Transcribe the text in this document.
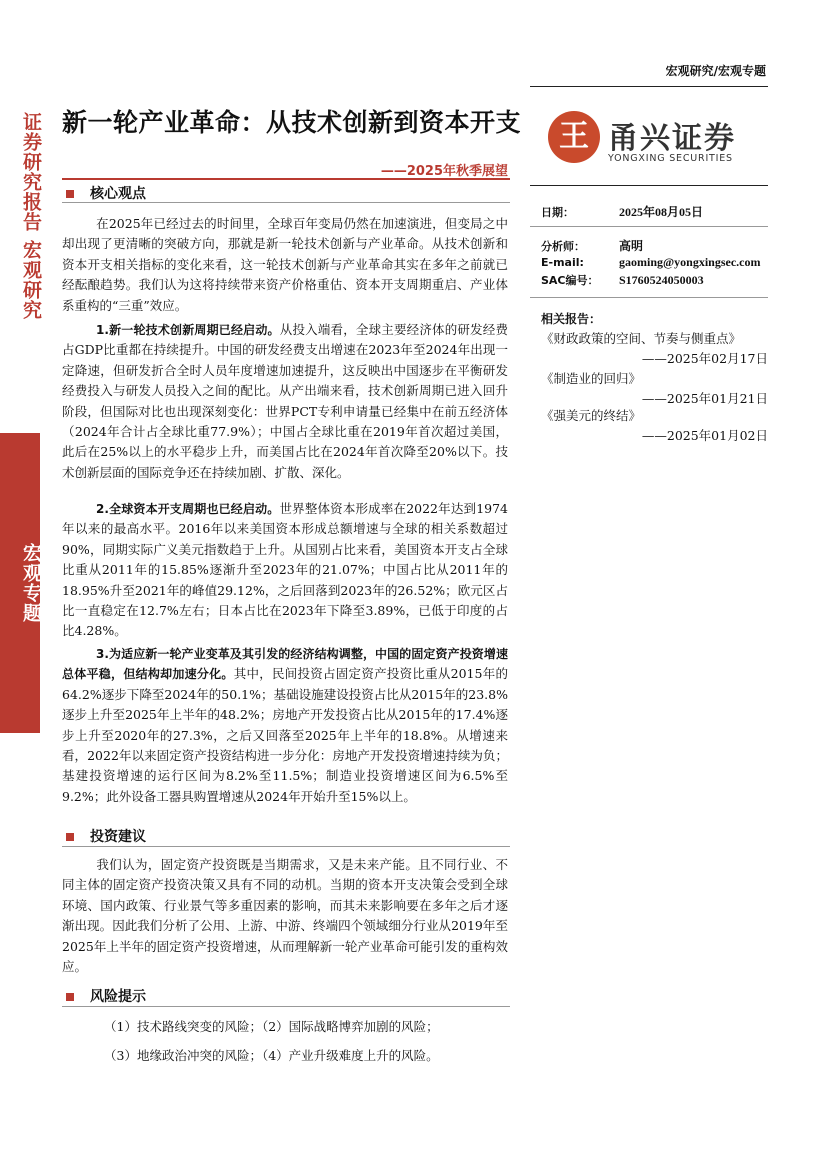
证券研究报告 宏观研究
宏观专题
宏观研究/宏观专题
新一轮产业革命：从技术创新到资本开支
——2025年秋季展望
王 甬兴证券
YONGXING SECURITIES
日期：	2025年08月05日
分析师：	高明
E-mail:	gaoming@yongxingsec.com
SAC编号： S1760524050003
相关报告：
《财政政策的空间、节奏与侧重点》
——2025年02月17日
《制造业的回归》
——2025年01月21日
《强美元的终结》
——2025年01月02日
核心观点
在2025年已经过去的时间里，全球百年变局仍然在加速演进，但变局之中却出现了更清晰的突破方向，那就是新一轮技术创新与产业革命。从技术创新和资本开支相关指标的变化来看，这一轮技术创新与产业革命其实在多年之前就已经酝酿趋势。我们认为这将持续带来资产价格重估、资本开支周期重启、产业体系重构的“三重”效应。
1.新一轮技术创新周期已经启动。从投入端看，全球主要经济体的研发经费占GDP比重都在持续提升。中国的研发经费支出增速在2023年至2024年出现一定降速，但研发折合全时人员年度增速加速提升，这反映出中国逐步在平衡研发经费投入与研发人员投入之间的配比。从产出端来看，技术创新周期已进入回升阶段，但国际对比也出现深刻变化：世界PCT专利申请量已经集中在前五经济体（2024年合计占全球比重77.9%）；中国占全球比重在2019年首次超过美国，此后在25%以上的水平稳步上升，而美国占比在2024年首次降至20%以下。技术创新层面的国际竞争还在持续加剧、扩散、深化。
2.全球资本开支周期也已经启动。世界整体资本形成率在2022年达到1974年以来的最高水平。2016年以来美国资本形成总额增速与全球的相关系数超过90%，同期实际广义美元指数趋于上升。从国别占比来看，美国资本开支占全球比重从2011年的15.85%逐渐升至2023年的21.07%；中国占比从2011年的18.95%升至2021年的峰值29.12%，之后回落到2023年的26.52%；欧元区占比一直稳定在12.7%左右；日本占比在2023年下降至3.89%，已低于印度的占比4.28%。
3.为适应新一轮产业变革及其引发的经济结构调整，中国的固定资产投资增速总体平稳，但结构却加速分化。其中，民间投资占固定资产投资比重从2015年的64.2%逐步下降至2024年的50.1%；基础设施建设投资占比从2015年的23.8%逐步上升至2025年上半年的48.2%；房地产开发投资占比从2015年的17.4%逐步上升至2020年的27.3%，之后又回落至2025年上半年的18.8%。从增速来看，2022年以来固定资产投资结构进一步分化：房地产开发投资增速持续为负；基建投资增速的运行区间为8.2%至11.5%；制造业投资增速区间为6.5%至9.2%；此外设备工器具购置增速从2024年开始升至15%以上。
投资建议
我们认为，固定资产投资既是当期需求，又是未来产能。且不同行业、不同主体的固定资产投资决策又具有不同的动机。当期的资本开支决策会受到全球环境、国内政策、行业景气等多重因素的影响，而其未来影响要在多年之后才逐渐出现。因此我们分析了公用、上游、中游、终端四个领域细分行业从2019年至2025年上半年的固定资产投资增速，从而理解新一轮产业革命可能引发的重构效应。
风险提示
（1）技术路线突变的风险；（2）国际战略博弈加剧的风险；
（3）地缘政治冲突的风险；（4）产业升级难度上升的风险。
